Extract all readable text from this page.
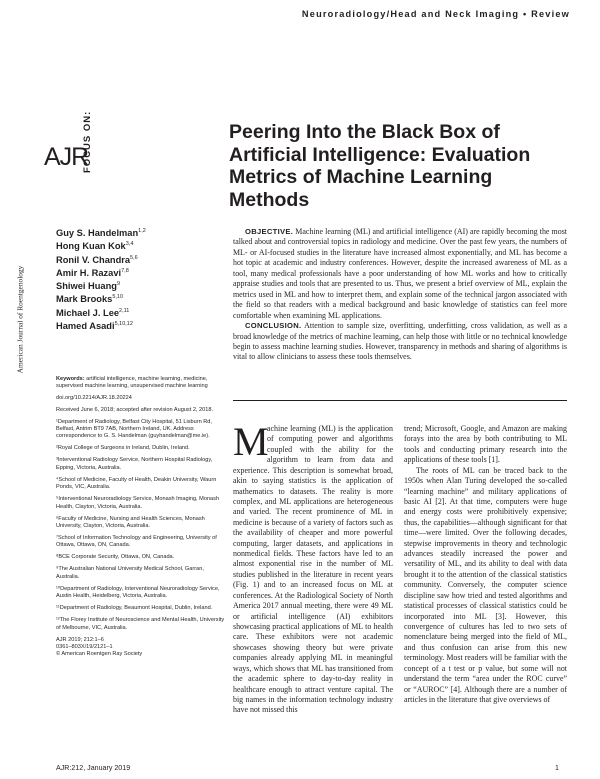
Neuroradiology/Head and Neck Imaging • Review
American Journal of Roentgenology
AJR
FOCUS ON:	Peering Into the Black Box of Artificial Intelligence: Evaluation Metrics of Machine Learning Methods
Guy S. Handelman$^{1,2}$
Hong Kuan Kok$^{3,4}$
Ronil V. Chandra$^{5,6}$
Amir H. Razavi$^{7,8}$
Shiwei Huang$^9$
Mark Brooks$^{5,10}$
Michael J. Lee$^{2,11}$
Hamed Asadi$^{5,10,12}$

Keywords: artificial intelligence, machine learning, medicine, supervised machine learning, unsupervised machine learning

doi.org/10.2214/AJR.18.20224

Received June 6, 2018; accepted after revision August 2, 2018.

¹Department of Radiology, Belfast City Hospital, 51 Lisburn Rd, Belfast, Antrim BT9 7AB, Northern Ireland, UK. Address correspondence to G. S. Handelman (guyhandelman@me.ie).

²Royal College of Surgeons in Ireland, Dublin, Ireland.

³Interventional Radiology Service, Northern Hospital Radiology, Epping, Victoria, Australia.

⁴School of Medicine, Faculty of Health, Deakin University, Waurn Ponds, VIC, Australia.

⁵Interventional Neuroradiology Service, Monash Imaging, Monash Health, Clayton, Victoria, Australia.

⁶Faculty of Medicine, Nursing and Health Sciences, Monash University, Clayton, Victoria, Australia.

⁷School of Information Technology and Engineering, University of Ottawa, Ottawa, ON, Canada.

⁸BCE Corporate Security, Ottawa, ON, Canada.

⁹The Australian National University Medical School, Garran, Australia.

¹⁰Department of Radiology, Interventional Neuroradiology Service, Austin Health, Heidelberg, Victoria, Australia.

¹¹Department of Radiology, Beaumont Hospital, Dublin, Ireland.

¹²The Florey Institute of Neuroscience and Mental Health, University of Melbourne, VIC, Australia.

AJR 2019; 212:1–6

0361–803X/19/2121–1

© American Roentgen Ray Society

OBJECTIVE. Machine learning (ML) and artificial intelligence (AI) are rapidly becoming the most talked about and controversial topics in radiology and medicine. Over the past few years, the numbers of ML- or AI-focused studies in the literature have increased almost exponentially, and ML has become a hot topic at academic and industry conferences. However, despite the increased awareness of ML as a tool, many medical professionals have a poor understanding of how ML works and how to critically appraise studies and tools that are presented to us. Thus, we present a brief overview of ML, explain the metrics used in ML and how to interpret them, and explain some of the technical jargon associated with the field so that readers with a medical background and basic knowledge of statistics can feel more comfortable when examining ML applications.

CONCLUSION. Attention to sample size, overfitting, underfitting, cross validation, as well as a broad knowledge of the metrics of machine learning, can help those with little or no technical knowledge begin to assess machine learning studies. However, transparency in methods and sharing of algorithms is vital to allow clinicians to assess these tools themselves.

M
achine learning (ML) is the application of computing power and algorithms coupled with the ability for the algorithm to learn from data and experience. This description is somewhat broad, akin to saying statistics is the application of mathematics to datasets. The reality is more complex, and ML applications are heterogeneous and varied. The recent prominence of ML in medicine is because of a variety of factors such as the availability of cheaper and more powerful computing, larger datasets, and applications in nonmedical fields. These factors have led to an almost exponential rise in the number of ML studies published in the literature in recent years (Fig. 1) and to an increased focus on ML at conferences. At the Radiological Society of North America 2017 annual meeting, there were 49 ML or artificial intelligence (AI) exhibitors showcasing practical applications of ML to health care. These exhibitors were not academic showcases showing theory but were private companies already applying ML in meaningful ways, which shows that ML has transitioned from the academic sphere to day-to-day reality in healthcare enough to attract venture capital. The big names in the information technology industry have not missed this

trend; Microsoft, Google, and Amazon are making forays into the area by both contributing to ML tools and conducting primary research into the applications of these tools [1].

The roots of ML can be traced back to the 1950s when Alan Turing developed the so-called “learning machine” and military applications of basic AI [2]. At that time, computers were huge and energy costs were prohibitively expensive; thus, the capabilities—although significant for that time—were limited. Over the following decades, stepwise improvements in theory and technologic advances steadily increased the power and versatility of ML, and its ability to deal with data brought it to the attention of the classical statistics community. Conversely, the computer science discipline saw how tried and tested algorithms and statistical processes of classical statistics could be incorporated into ML [3]. However, this convergence of cultures has led to two sets of nomenclature being merged into the field of ML, and thus confusion can arise from this new terminology. Most readers will be familiar with the concept of a t test or p value, but some will not understand the term “area under the ROC curve” or “AUROC” [4]. Although there are a number of articles in the literature that give overviews of

AJR:212, January 2019	1
